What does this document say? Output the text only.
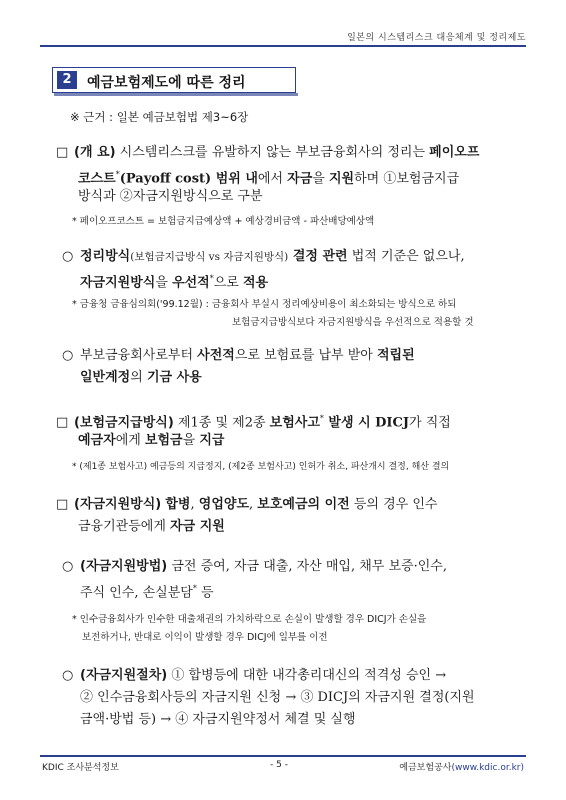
일본의 시스템리스크 대응체계 및 정리제도
2	예금보험제도에 따른 정리
※ 근거 : 일본 예금보험법 제3~6장
□ (개 요) 시스템리스크를 유발하지 않는 부보금융회사의 정리는 페이오프
코스트*(Payoff cost) 범위 내에서 자금을 지원하며 ①보험금지급
방식과 ②자금지원방식으로 구분
* 페이오프코스트 = 보험금지급예상액 + 예상경비금액 - 파산배당예상액
○ 정리방식(보험금지급방식 vs 자금지원방식) 결정 관련 법적 기준은 없으나,
자금지원방식을 우선적*으로 적용
* 금융청 금융심의회('99.12월) : 금융회사 부실시 정리예상비용이 최소화되는 방식으로 하되
보험금지급방식보다 자금지원방식을 우선적으로 적용할 것
○ 부보금융회사로부터 사전적으로 보험료를 납부 받아 적립된
일반계정의 기금 사용
□ (보험금지급방식) 제1종 및 제2종 보험사고* 발생 시 DICJ가 직접
예금자에게 보험금을 지급
* (제1종 보험사고) 예금등의 지급정지, (제2종 보험사고) 인허가 취소, 파산개시 결정, 해산 결의
□ (자금지원방식) 합병, 영업양도, 보호예금의 이전 등의 경우 인수
금융기관등에게 자금 지원
○ (자금지원방법) 금전 증여, 자금 대출, 자산 매입, 채무 보증·인수,
주식 인수, 손실분담* 등
* 인수금융회사가 인수한 대출채권의 가치하락으로 손실이 발생할 경우 DICJ가 손실을
보전하거나, 반대로 이익이 발생할 경우 DICJ에 일부를 이전
○ (자금지원절차) ① 합병등에 대한 내각총리대신의 적격성 승인 →
② 인수금융회사등의 자금지원 신청 → ③ DICJ의 자금지원 결정(지원
금액·방법 등) → ④ 자금지원약정서 체결 및 실행
KDIC 조사분석정보	- 5 -	예금보험공사(www.kdic.or.kr)
